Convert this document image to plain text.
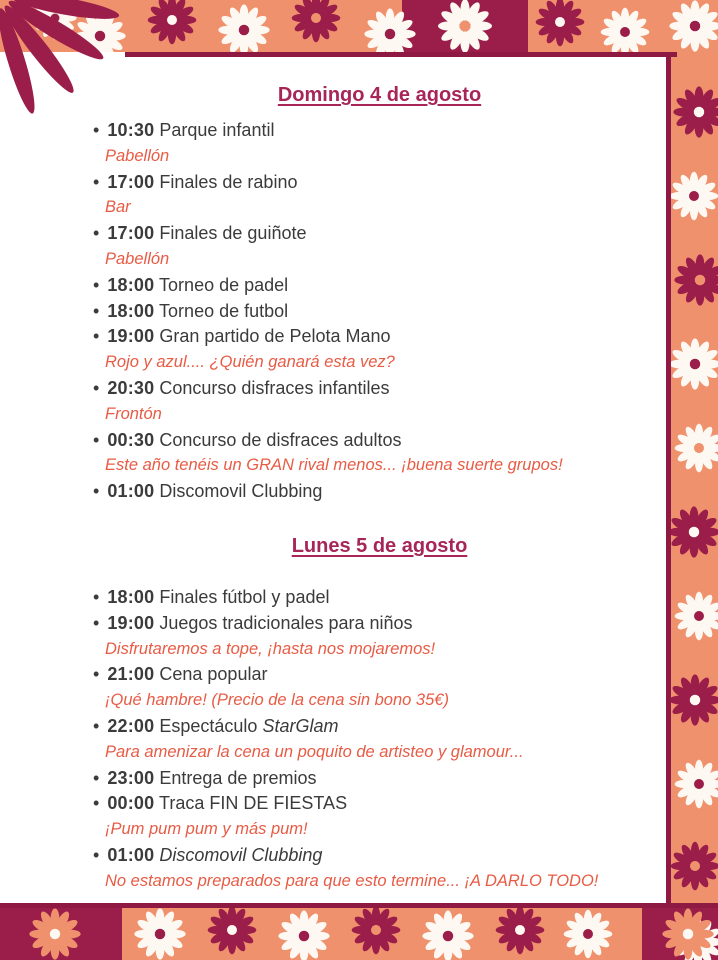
Domingo 4 de agosto
• 10:30 Parque infantil
Pabellón
• 17:00 Finales de rabino
Bar
• 17:00 Finales de guiñote
Pabellón
• 18:00 Torneo de padel
• 18:00 Torneo de futbol
• 19:00 Gran partido de Pelota Mano
Rojo y azul.... ¿Quién ganará esta vez?
• 20:30 Concurso disfraces infantiles
Frontón
• 00:30 Concurso de disfraces adultos
Este año tenéis un GRAN rival menos... ¡buena suerte grupos!
• 01:00 Discomovil Clubbing
Lunes 5 de agosto
• 18:00 Finales fútbol y padel
• 19:00 Juegos tradicionales para niños
Disfrutaremos a tope, ¡hasta nos mojaremos!
• 21:00 Cena popular
¡Qué hambre! (Precio de la cena sin bono 35€)
• 22:00 Espectáculo StarGlam
Para amenizar la cena un poquito de artisteo y glamour...
• 23:00 Entrega de premios
• 00:00 Traca FIN DE FIESTAS
¡Pum pum pum y más pum!
• 01:00 Discomovil Clubbing
No estamos preparados para que esto termine... ¡A DARLO TODO!
